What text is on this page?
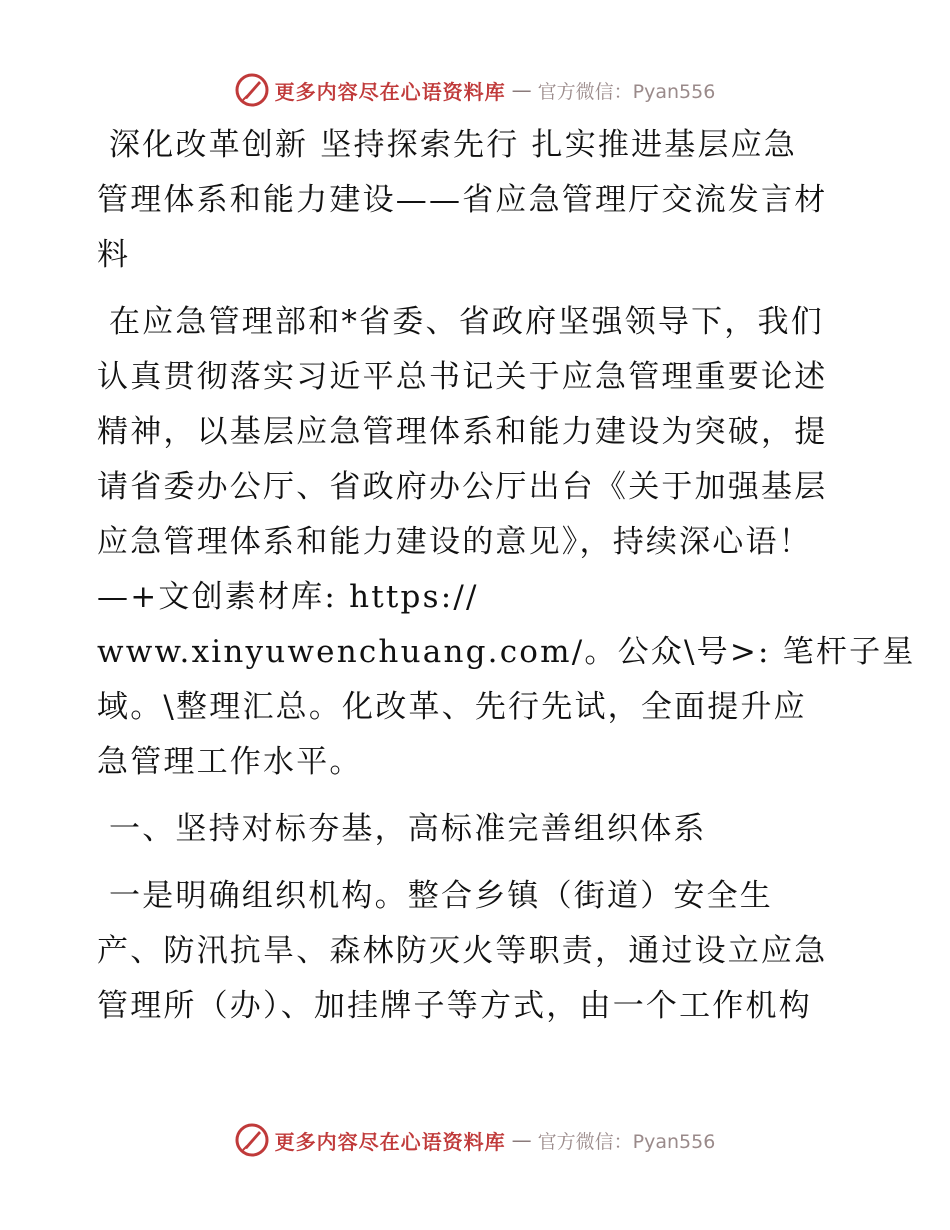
更多内容尽在心语资料库 — 官方微信：Pyan556
深化改革创新 坚持探索先行 扎实推进基层应急
管理体系和能力建设——省应急管理厅交流发言材
料
在应急管理部和*省委、省政府坚强领导下，我们
认真贯彻落实习近平总书记关于应急管理重要论述
精神，以基层应急管理体系和能力建设为突破，提
请省委办公厅、省政府办公厅出台《关于加强基层
应急管理体系和能力建设的意见》，持续深心语！
—+文创素材库: https://
www.xinyuwenchuang.com/。公众\号>: 笔杆子星
域。\整理汇总。化改革、先行先试，全面提升应
急管理工作水平。
一、坚持对标夯基，高标准完善组织体系
一是明确组织机构。整合乡镇（街道）安全生
产、防汛抗旱、森林防灭火等职责，通过设立应急
管理所（办）、加挂牌子等方式，由一个工作机构
更多内容尽在心语资料库 — 官方微信：Pyan556
